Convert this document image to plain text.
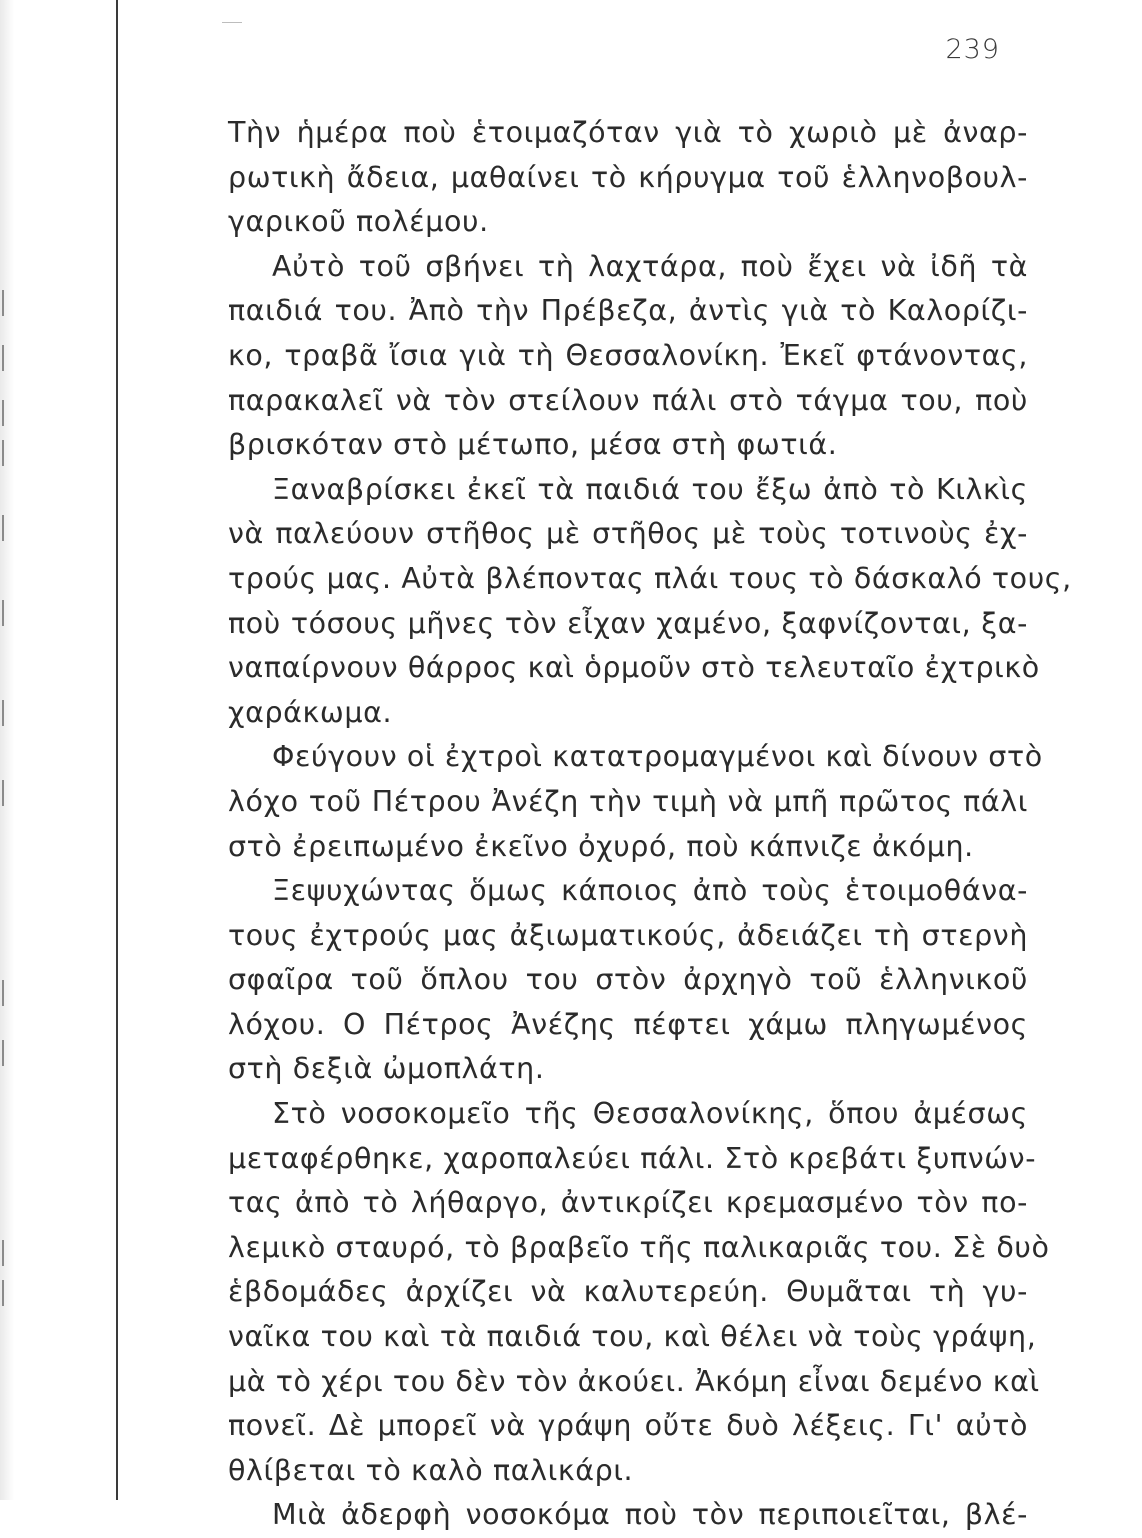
239
Τὴν ἡμέρα ποὺ ἑτοιμαζόταν γιὰ τὸ χωριὸ μὲ ἀναρ-
ρωτικὴ ἄδεια, μαθαίνει τὸ κήρυγμα τοῦ ἑλληνοβουλ-
γαρικοῦ πολέμου.
Αὐτὸ τοῦ σβήνει τὴ λαχτάρα, ποὺ ἔχει νὰ ἰδῆ τὰ
παιδιά του. Ἀπὸ τὴν Πρέβεζα, ἀντὶς γιὰ τὸ Καλορίζι-
κο, τραβᾶ ἴσια γιὰ τὴ Θεσσαλονίκη. Ἐκεῖ φτάνοντας,
παρακαλεῖ νὰ τὸν στείλουν πάλι στὸ τάγμα του, ποὺ
βρισκόταν στὸ μέτωπο, μέσα στὴ φωτιά.
Ξαναβρίσκει ἐκεῖ τὰ παιδιά του ἔξω ἀπὸ τὸ Κιλκὶς
νὰ παλεύουν στῆθος μὲ στῆθος μὲ τοὺς τοτινοὺς ἐχ-
τρούς μας. Αὐτὰ βλέποντας πλάι τους τὸ δάσκαλό τους,
ποὺ τόσους μῆνες τὸν εἶχαν χαμένο, ξαφνίζονται, ξα-
ναπαίρνουν θάρρος καὶ ὁρμοῦν στὸ τελευταῖο ἐχτρικὸ
χαράκωμα.
Φεύγουν οἱ ἐχτροὶ κατατρομαγμένοι καὶ δίνουν στὸ
λόχο τοῦ Πέτρου Ἀνέζη τὴν τιμὴ νὰ μπῆ πρῶτος πάλι
στὸ ἐρειπωμένο ἐκεῖνο ὀχυρό, ποὺ κάπνιζε ἀκόμη.
Ξεψυχώντας ὅμως κάποιος ἀπὸ τοὺς ἑτοιμοθάνα-
τους ἐχτρούς μας ἀξιωματικούς, ἀδειάζει τὴ στερνὴ
σφαῖρα τοῦ ὅπλου του στὸν ἀρχηγὸ τοῦ ἑλληνικοῦ
λόχου. Ο Πέτρος Ἀνέζης πέφτει χάμω πληγωμένος
στὴ δεξιὰ ὠμοπλάτη.
Στὸ νοσοκομεῖο τῆς Θεσσαλονίκης, ὅπου ἀμέσως
μεταφέρθηκε, χαροπαλεύει πάλι. Στὸ κρεβάτι ξυπνών-
τας ἀπὸ τὸ λήθαργο, ἀντικρίζει κρεμασμένο τὸν πο-
λεμικὸ σταυρό, τὸ βραβεῖο τῆς παλικαριᾶς του. Σὲ δυὸ
ἑβδομάδες ἀρχίζει νὰ καλυτερεύη. Θυμᾶται τὴ γυ-
ναῖκα του καὶ τὰ παιδιά του, καὶ θέλει νὰ τοὺς γράψη,
μὰ τὸ χέρι του δὲν τὸν ἀκούει. Ἀκόμη εἶναι δεμένο καὶ
πονεῖ. Δὲ μπορεῖ νὰ γράψη οὔτε δυὸ λέξεις. Γι' αὐτὸ
θλίβεται τὸ καλὸ παλικάρι.
Μιὰ ἀδερφὴ νοσοκόμα ποὺ τὸν περιποιεῖται, βλέ-
